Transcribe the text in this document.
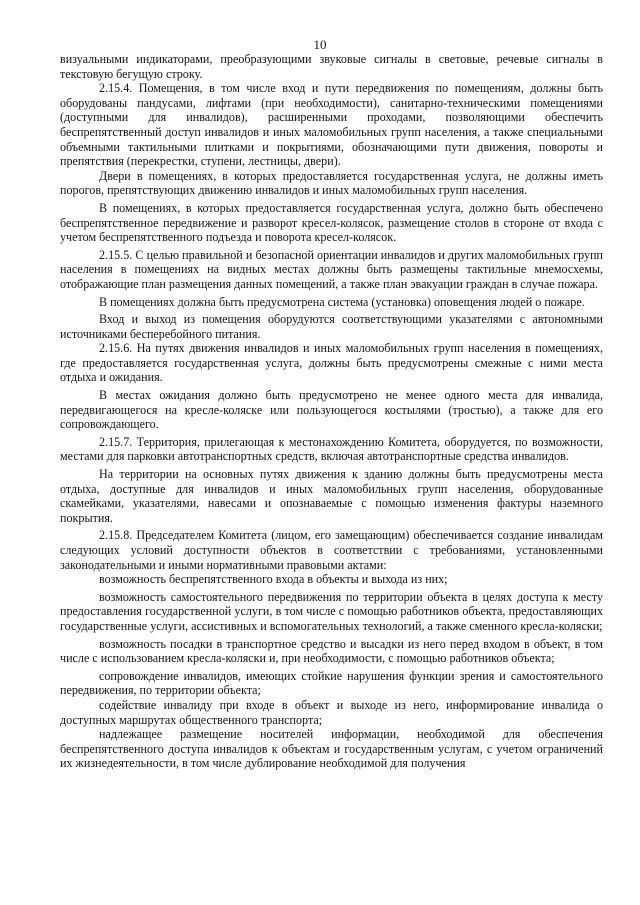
10

визуальными индикаторами, преобразующими звуковые сигналы в световые, речевые сигналы в текстовую бегущую строку.

2.15.4. Помещения, в том числе вход и пути передвижения по помещениям, должны быть оборудованы пандусами, лифтами (при необходимости), санитарно-техническими помещениями (доступными для инвалидов), расширенными проходами, позволяющими обеспечить беспрепятственный доступ инвалидов и иных маломобильных групп населения, а также специальными объемными тактильными плитками и покрытиями, обозначающими пути движения, повороты и препятствия (перекрестки, ступени, лестницы, двери).

Двери в помещениях, в которых предоставляется государственная услуга, не должны иметь порогов, препятствующих движению инвалидов и иных маломобильных групп населения.

В помещениях, в которых предоставляется государственная услуга, должно быть обеспечено беспрепятственное передвижение и разворот кресел-колясок, размещение столов в стороне от входа с учетом беспрепятственного подъезда и поворота кресел-колясок.

2.15.5. С целью правильной и безопасной ориентации инвалидов и других маломобильных групп населения в помещениях на видных местах должны быть размещены тактильные мнемосхемы, отображающие план размещения данных помещений, а также план эвакуации граждан в случае пожара.

В помещениях должна быть предусмотрена система (установка) оповещения людей о пожаре.

Вход и выход из помещения оборудуются соответствующими указателями с автономными источниками бесперебойного питания.

2.15.6. На путях движения инвалидов и иных маломобильных групп населения в помещениях, где предоставляется государственная услуга, должны быть предусмотрены смежные с ними места отдыха и ожидания.

В местах ожидания должно быть предусмотрено не менее одного места для инвалида, передвигающегося на кресле-коляске или пользующегося костылями (тростью), а также для его сопровождающего.

2.15.7. Территория, прилегающая к местонахождению Комитета, оборудуется, по возможности, местами для парковки автотранспортных средств, включая автотранспортные средства инвалидов.

На территории на основных путях движения к зданию должны быть предусмотрены места отдыха, доступные для инвалидов и иных маломобильных групп населения, оборудованные скамейками, указателями, навесами и опознаваемые с помощью изменения фактуры наземного покрытия.

2.15.8. Председателем Комитета (лицом, его замещающим) обеспечивается создание инвалидам следующих условий доступности объектов в соответствии с требованиями, установленными законодательными и иными нормативными правовыми актами:

возможность беспрепятственного входа в объекты и выхода из них;

возможность самостоятельного передвижения по территории объекта в целях доступа к месту предоставления государственной услуги, в том числе с помощью работников объекта, предоставляющих государственные услуги, ассистивных и вспомогательных технологий, а также сменного кресла-коляски;

возможность посадки в транспортное средство и высадки из него перед входом в объект, в том числе с использованием кресла-коляски и, при необходимости, с помощью работников объекта;

сопровождение инвалидов, имеющих стойкие нарушения функции зрения и самостоятельного передвижения, по территории объекта;

содействие инвалиду при входе в объект и выходе из него, информирование инвалида о доступных маршрутах общественного транспорта;

надлежащее размещение носителей информации, необходимой для обеспечения беспрепятственного доступа инвалидов к объектам и государственным услугам, с учетом ограничений их жизнедеятельности, в том числе дублирование необходимой для получения
